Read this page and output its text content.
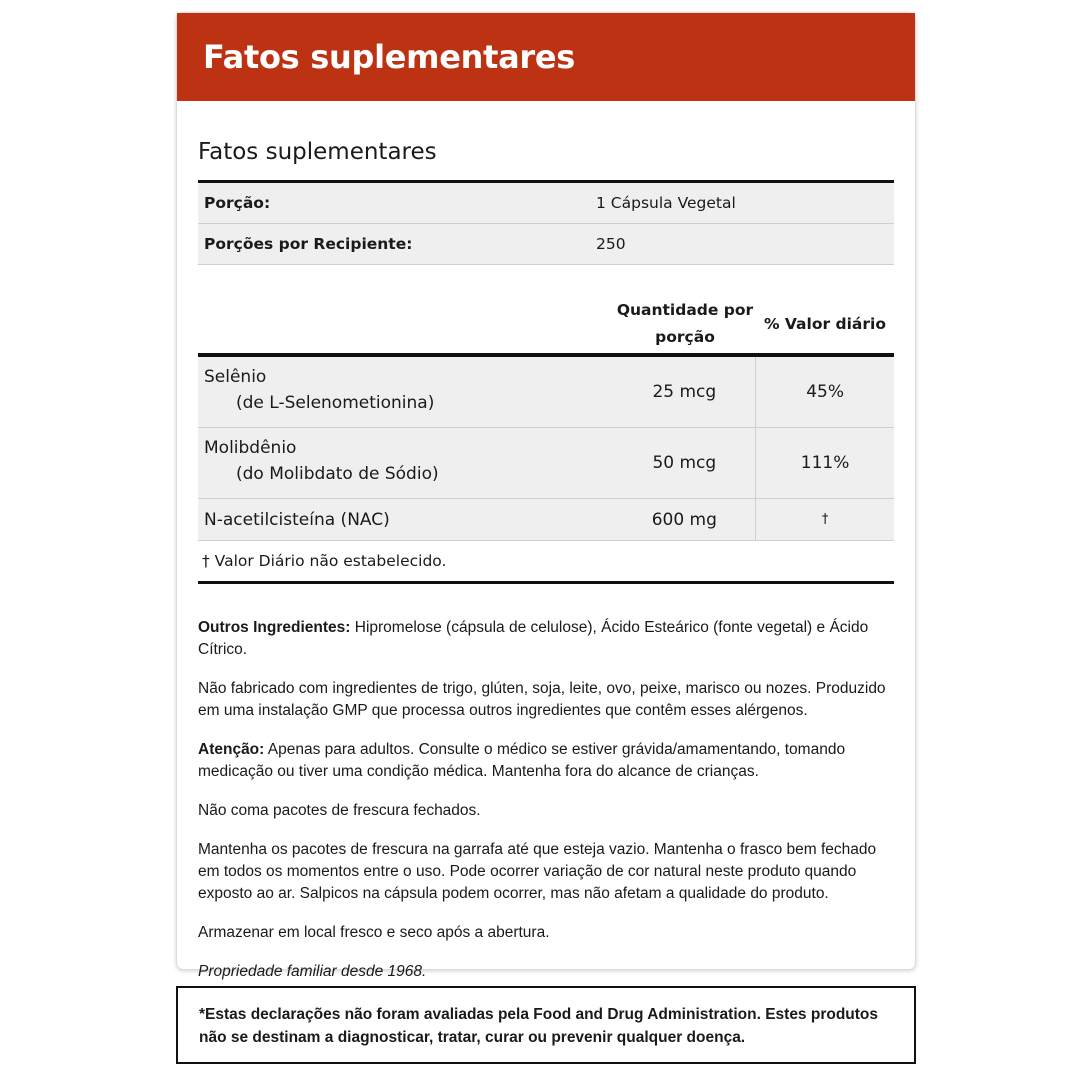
Fatos suplementares
Fatos suplementares
Porção:	1 Cápsula Vegetal
Porções por Recipiente:	250
Quantidade por
porção
% Valor diário
Selênio
(de L-Selenometionina)
25 mcg	45%
Molibdênio
(do Molibdato de Sódio)
50 mcg	111%
N-acetilcisteína (NAC)	600 mg	†
† Valor Diário não estabelecido.

Outros Ingredientes: Hipromelose (cápsula de celulose), Ácido Esteárico (fonte vegetal) e Ácido Cítrico.

Não fabricado com ingredientes de trigo, glúten, soja, leite, ovo, peixe, marisco ou nozes. Produzido em uma instalação GMP que processa outros ingredientes que contêm esses alérgenos.

Atenção: Apenas para adultos. Consulte o médico se estiver grávida/amamentando, tomando medicação ou tiver uma condição médica. Mantenha fora do alcance de crianças.

Não coma pacotes de frescura fechados.

Mantenha os pacotes de frescura na garrafa até que esteja vazio. Mantenha o frasco bem fechado em todos os momentos entre o uso. Pode ocorrer variação de cor natural neste produto quando exposto ao ar. Salpicos na cápsula podem ocorrer, mas não afetam a qualidade do produto.

Armazenar em local fresco e seco após a abertura.

Propriedade familiar desde 1968.

*Estas declarações não foram avaliadas pela Food and Drug Administration. Estes produtos não se destinam a diagnosticar, tratar, curar ou prevenir qualquer doença.
